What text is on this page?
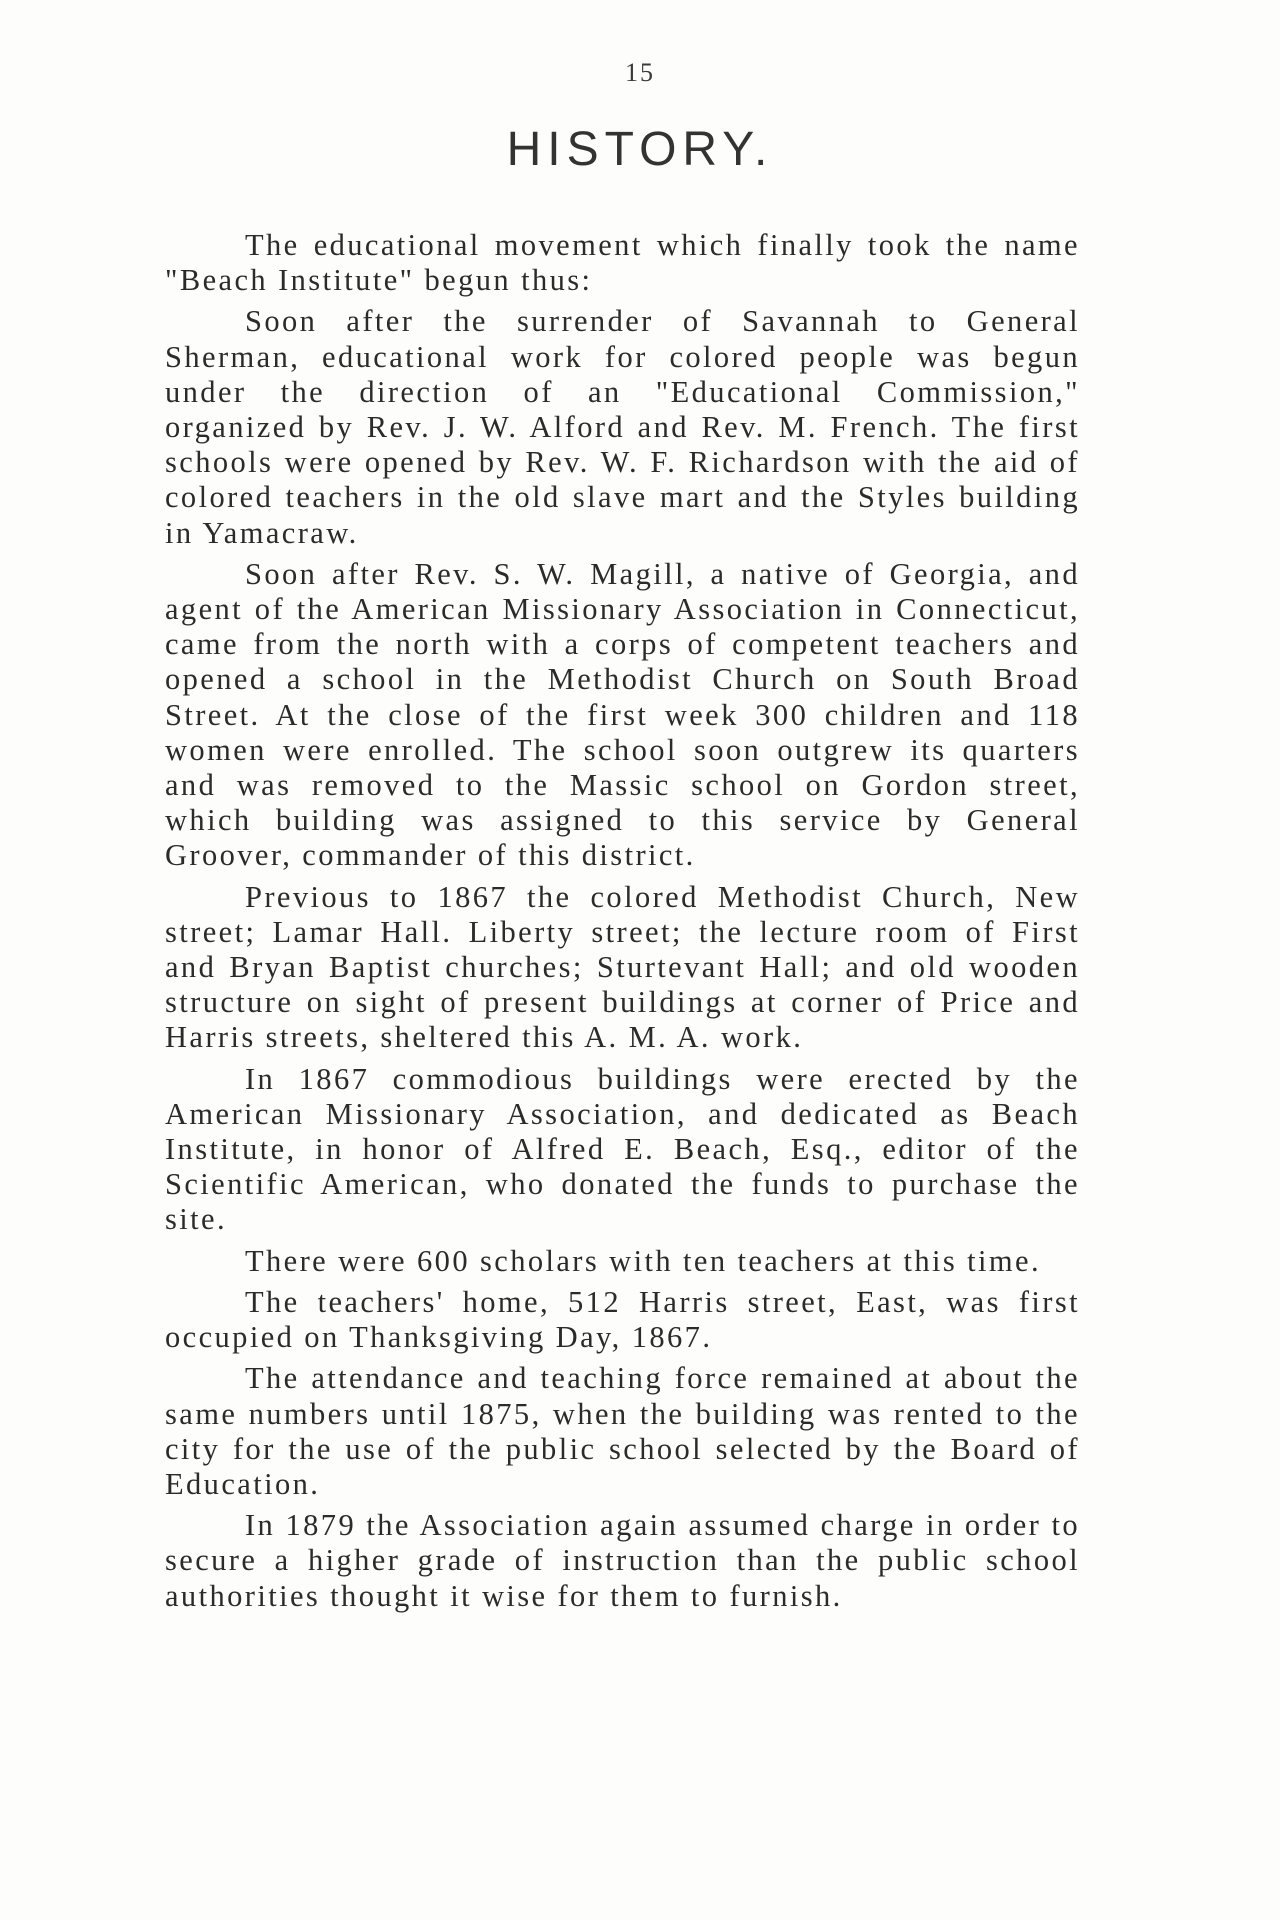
15
HISTORY.

The educational movement which finally took the name "Beach Institute" begun thus:

Soon after the surrender of Savannah to General Sherman, educational work for colored people was begun under the direction of an "Educational Commission," organized by Rev. J. W. Alford and Rev. M. French. The first schools were opened by Rev. W. F. Richardson with the aid of colored teachers in the old slave mart and the Styles building in Yamacraw.

Soon after Rev. S. W. Magill, a native of Georgia, and agent of the American Missionary Association in Connecticut, came from the north with a corps of competent teachers and opened a school in the Methodist Church on South Broad Street. At the close of the first week 300 children and 118 women were enrolled. The school soon outgrew its quarters and was removed to the Massic school on Gordon street, which building was assigned to this service by General Groover, commander of this district.

Previous to 1867 the colored Methodist Church, New street; Lamar Hall. Liberty street; the lecture room of First and Bryan Baptist churches; Sturtevant Hall; and old wooden structure on sight of present buildings at corner of Price and Harris streets, sheltered this A. M. A. work.

In 1867 commodious buildings were erected by the American Missionary Association, and dedicated as Beach Institute, in honor of Alfred E. Beach, Esq., editor of the Scientific American, who donated the funds to purchase the site.

There were 600 scholars with ten teachers at this time.

The teachers' home, 512 Harris street, East, was first occupied on Thanksgiving Day, 1867.

The attendance and teaching force remained at about the same numbers until 1875, when the building was rented to the city for the use of the public school selected by the Board of Education.

In 1879 the Association again assumed charge in order to secure a higher grade of instruction than the public school authorities thought it wise for them to furnish.
